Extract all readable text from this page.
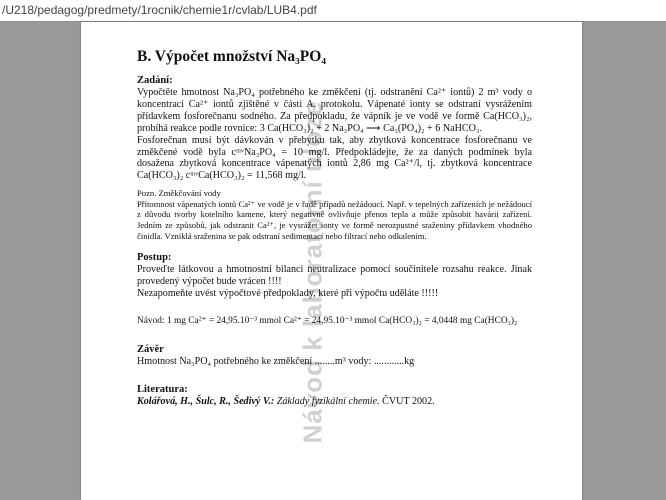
/U218/pedagog/predmety/1rocnik/chemie1r/cvlab/LUB4.pdf
Návod k laboratorní úloze
B. Výpočet množství Na₃PO₄

Zadání:

Vypočtěte hmotnost Na₃PO₄ potřebného ke změkčení (tj. odstranění Ca²⁺ iontů) 2 m³ vody o koncentraci Ca²⁺ iontů zjištěné v části A. protokolu. Vápenaté ionty se odstraní vysrážením přídavkem fosforečnanu sodného. Za předpokladu, že vápník je ve vodě ve formě Ca(HCO₃)₂, probíhá reakce podle rovnice: 3 Ca(HCO₃)₂ + 2 Na₃PO₄ ⟶ Ca₃(PO₄)₂ + 6 NaHCO₃.

Fosforečnan musí být dávkován v přebytku tak, aby zbytková koncentrace fosforečnanu ve změkčené vodě byla cᵐᵛNa₃PO₄ = 10 mg/l. Předpokládejte, že za daných podmínek byla dosažena zbytková koncentrace vápenatých iontů 2,86 mg Ca²⁺/l, tj. zbytková koncentrace Ca(HCO₃)₂ cᵐᵛCa(HCO₃)₂ = 11,568 mg/l.

Pozn. Změkčování vody

Přítomnost vápenatých iontů Ca²⁺ ve vodě je v řadě případů nežádoucí. Např. v tepelných zařízeních je nežádoucí z důvodu tvorby kotelního kamene, který negativně ovlivňuje přenos tepla a může způsobit havárii zařízení. Jedním ze způsobů, jak odstranit Ca²⁺, je vysrážet ionty ve formě nerozpustné sraženiny přídavkem vhodného činidla. Vzniklá sraženina se pak odstraní sedimentací nebo filtrací nebo odkalením.

Postup:

Proveďte látkovou a hmotnostní bilanci neutralizace pomocí součinitele rozsahu reakce. Jinak provedený výpočet bude vrácen !!!!

Nezapomeňte uvést výpočtové předpoklady, které při výpočtu uděláte !!!!!

Návod: 1 mg Ca²⁺ = 24,95.10⁻³ mmol Ca²⁺ = 24,95.10⁻³ mmol Ca(HCO₃)₂ = 4,0448 mg Ca(HCO₃)₂

Závěr

Hmotnost Na₃PO₄ potřebného ke změkčení ........m³ vody: ............kg

Literatura:

Kolářová, H., Šulc, R., Šedivý V.: Základy fyzikální chemie. ČVUT 2002.
